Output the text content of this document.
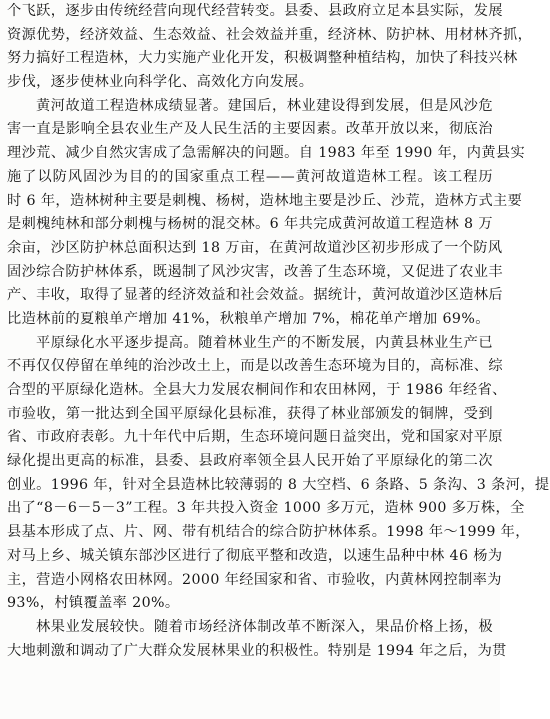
个飞跃，逐步由传统经营向现代经营转变。县委、县政府立足本县实际，发展
资源优势，经济效益、生态效益、社会效益并重，经济林、防护林、用材林齐抓，
努力搞好工程造林，大力实施产业化开发，积极调整种植结构，加快了科技兴林
步伐，逐步使林业向科学化、高效化方向发展。
黄河故道工程造林成绩显著。建国后，林业建设得到发展，但是风沙危
害一直是影响全县农业生产及人民生活的主要因素。改革开放以来，彻底治
理沙荒、减少自然灾害成了急需解决的问题。自 1983 年至 1990 年，内黄县实
施了以防风固沙为目的的国家重点工程——黄河故道造林工程。该工程历
时 6 年，造林树种主要是刺槐、杨树，造林地主要是沙丘、沙荒，造林方式主要
是刺槐纯林和部分刺槐与杨树的混交林。6 年共完成黄河故道工程造林 8 万
余亩，沙区防护林总面积达到 18 万亩，在黄河故道沙区初步形成了一个防风
固沙综合防护林体系，既遏制了风沙灾害，改善了生态环境，又促进了农业丰
产、丰收，取得了显著的经济效益和社会效益。据统计，黄河故道沙区造林后
比造林前的夏粮单产增加 41%，秋粮单产增加 7%，棉花单产增加 69%。
平原绿化水平逐步提高。随着林业生产的不断发展，内黄县林业生产已
不再仅仅停留在单纯的治沙改土上，而是以改善生态环境为目的，高标准、综
合型的平原绿化造林。全县大力发展农桐间作和农田林网，于 1986 年经省、
市验收，第一批达到全国平原绿化县标准，获得了林业部颁发的铜牌，受到
省、市政府表彰。九十年代中后期，生态环境问题日益突出，党和国家对平原
绿化提出更高的标准，县委、县政府率领全县人民开始了平原绿化的第二次
创业。1996 年，针对全县造林比较薄弱的 8 大空档、6 条路、5 条沟、3 条河，提
出了“8－6－5－3”工程。3 年共投入资金 1000 多万元，造林 900 多万株，全
县基本形成了点、片、网、带有机结合的综合防护林体系。1998 年～1999 年，
对马上乡、城关镇东部沙区进行了彻底平整和改造，以速生品种中林 46 杨为
主，营造小网格农田林网。2000 年经国家和省、市验收，内黄林网控制率为
93%，村镇覆盖率 20%。
林果业发展较快。随着市场经济体制改革不断深入，果品价格上扬，极
大地刺激和调动了广大群众发展林果业的积极性。特别是 1994 年之后，为贯
